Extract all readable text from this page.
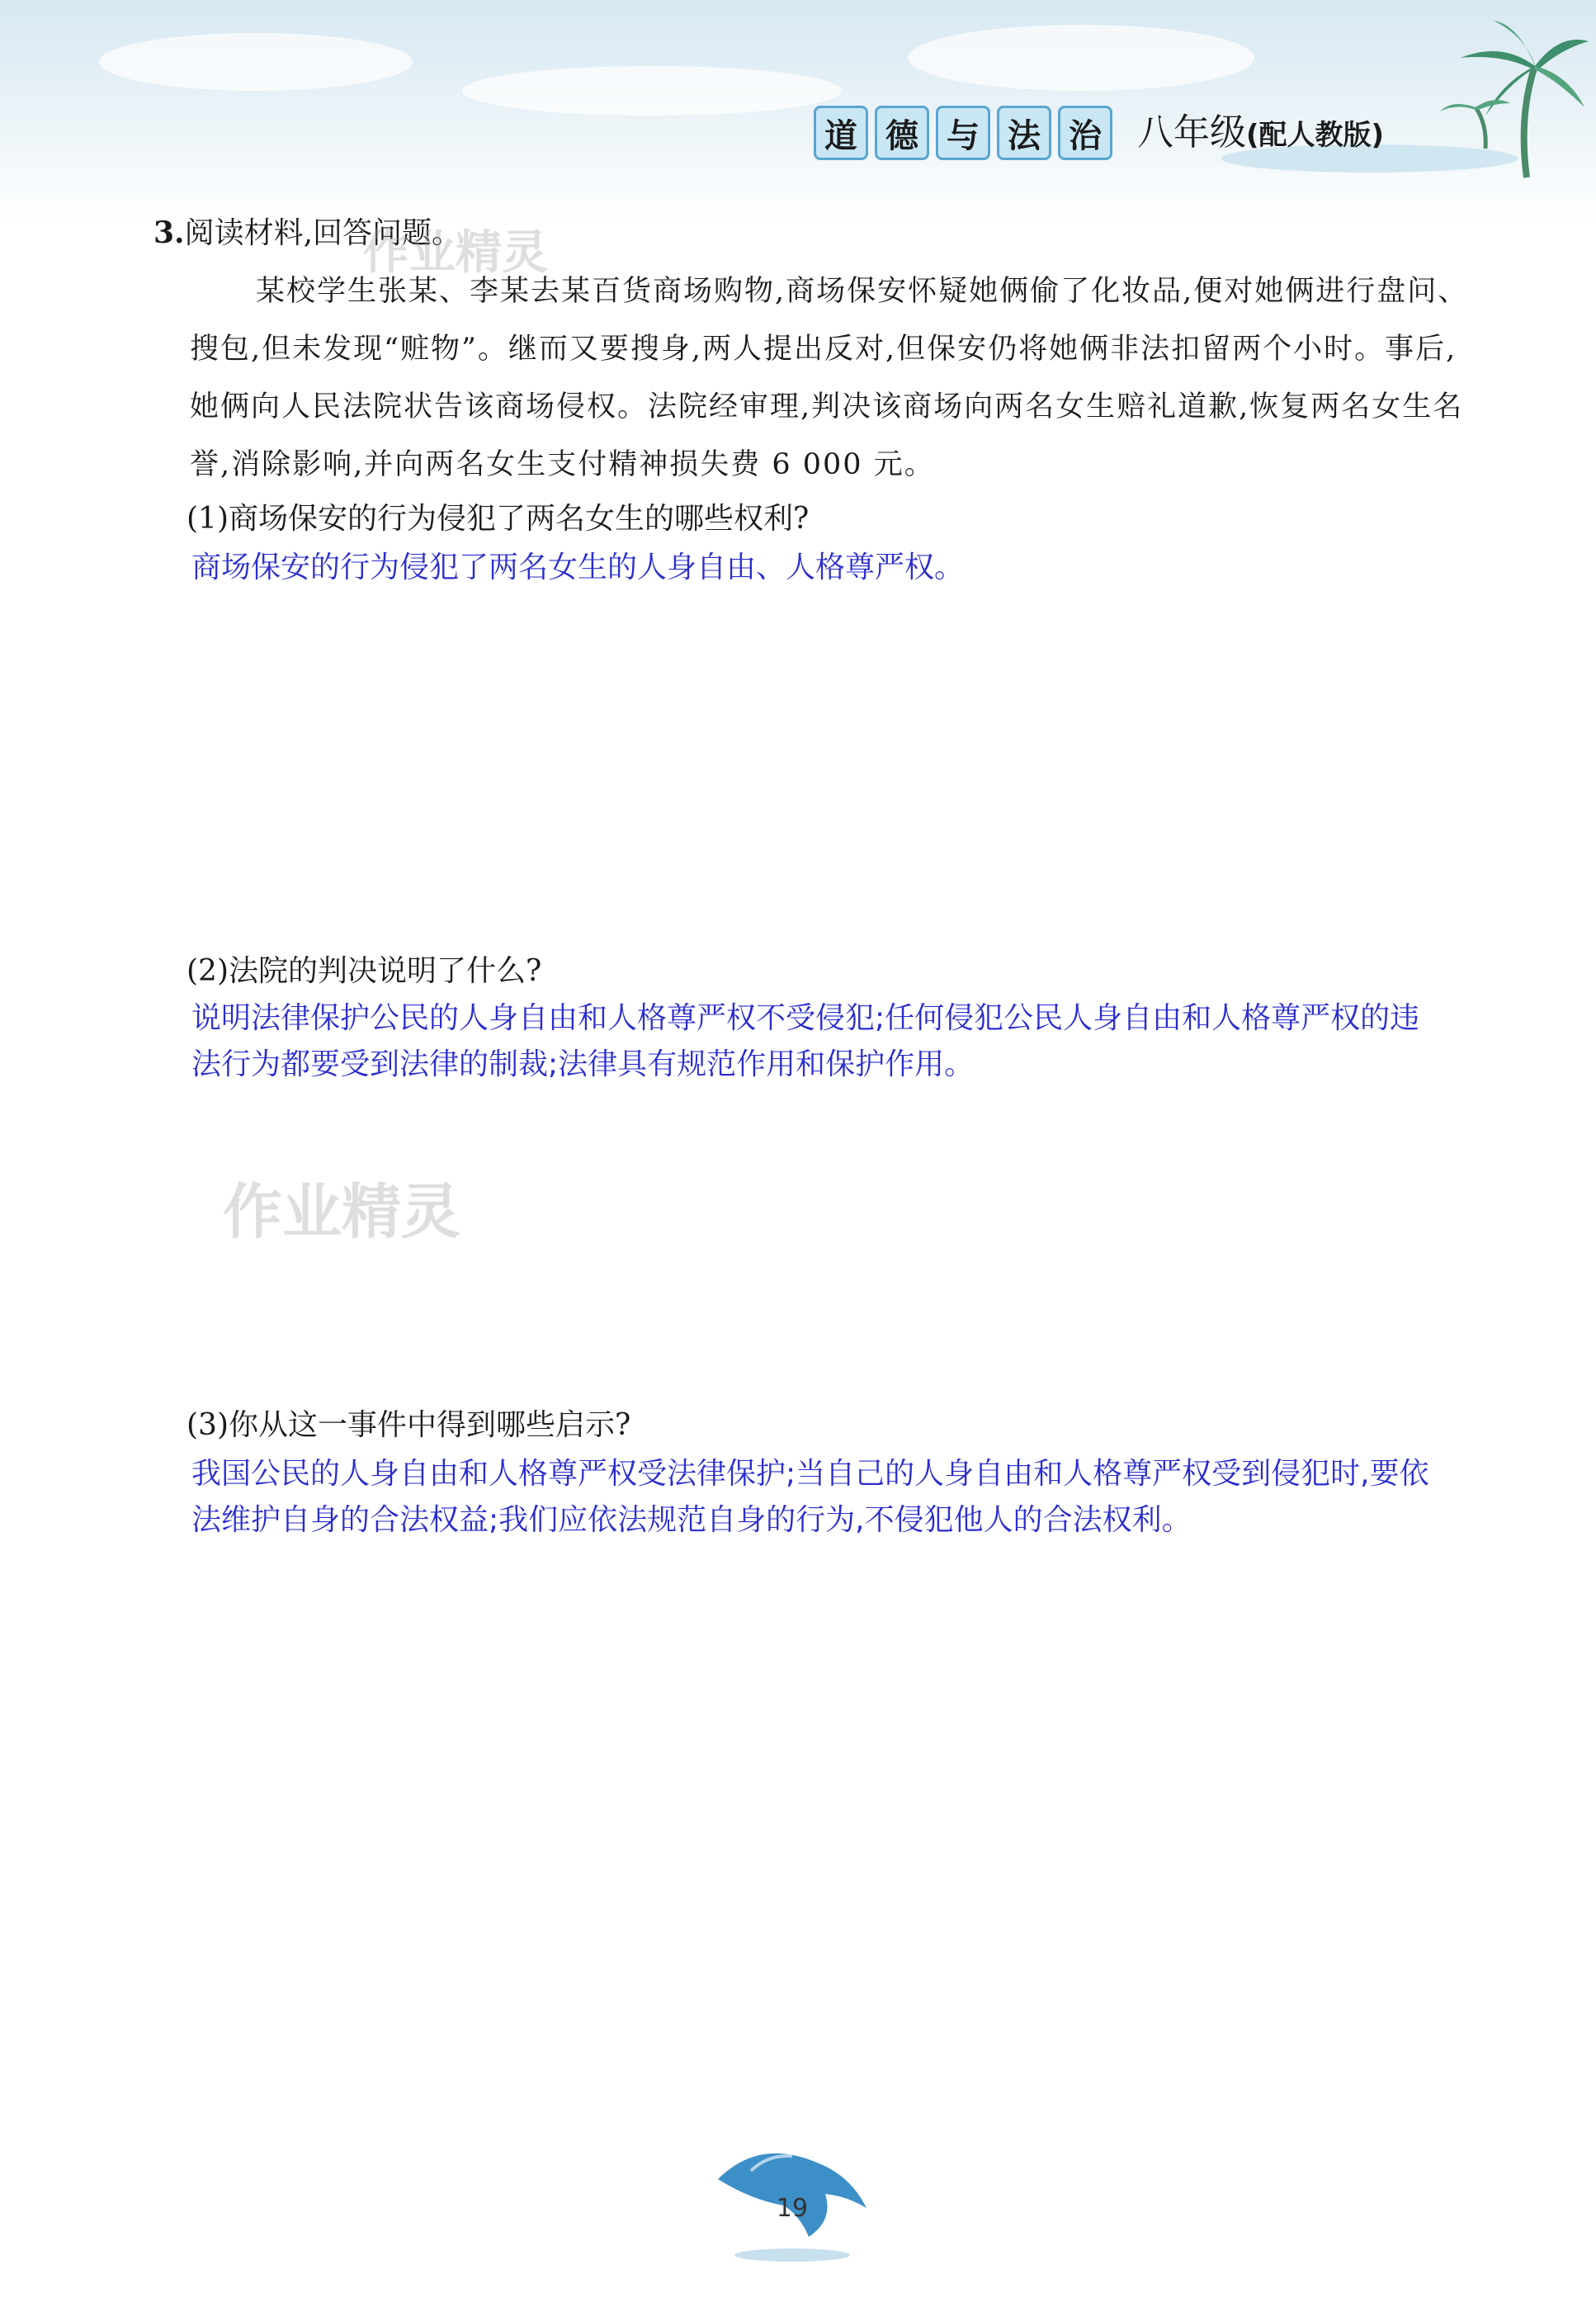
道 德 与 法 治 八年级(配人教版)
3.阅读材料,回答问题。
作业精灵

某校学生张某、李某去某百货商场购物,商场保安怀疑她俩偷了化妆品,便对她俩进行盘问、搜包,但未发现“赃物”。继而又要搜身,两人提出反对,但保安仍将她俩非法扣留两个小时。事后,她俩向人民法院状告该商场侵权。法院经审理,判决该商场向两名女生赔礼道歉,恢复两名女生名誉,消除影响,并向两名女生支付精神损失费 6 000 元。

(1)商场保安的行为侵犯了两名女生的哪些权利?
商场保安的行为侵犯了两名女生的人身自由、人格尊严权。
(2)法院的判决说明了什么?
说明法律保护公民的人身自由和人格尊严权不受侵犯;任何侵犯公民人身自由和人格尊严权的违法行为都要受到法律的制裁;法律具有规范作用和保护作用。
作业精灵
(3)你从这一事件中得到哪些启示?
我国公民的人身自由和人格尊严权受法律保护;当自己的人身自由和人格尊严权受到侵犯时,要依法维护自身的合法权益;我们应依法规范自身的行为,不侵犯他人的合法权利。
19
